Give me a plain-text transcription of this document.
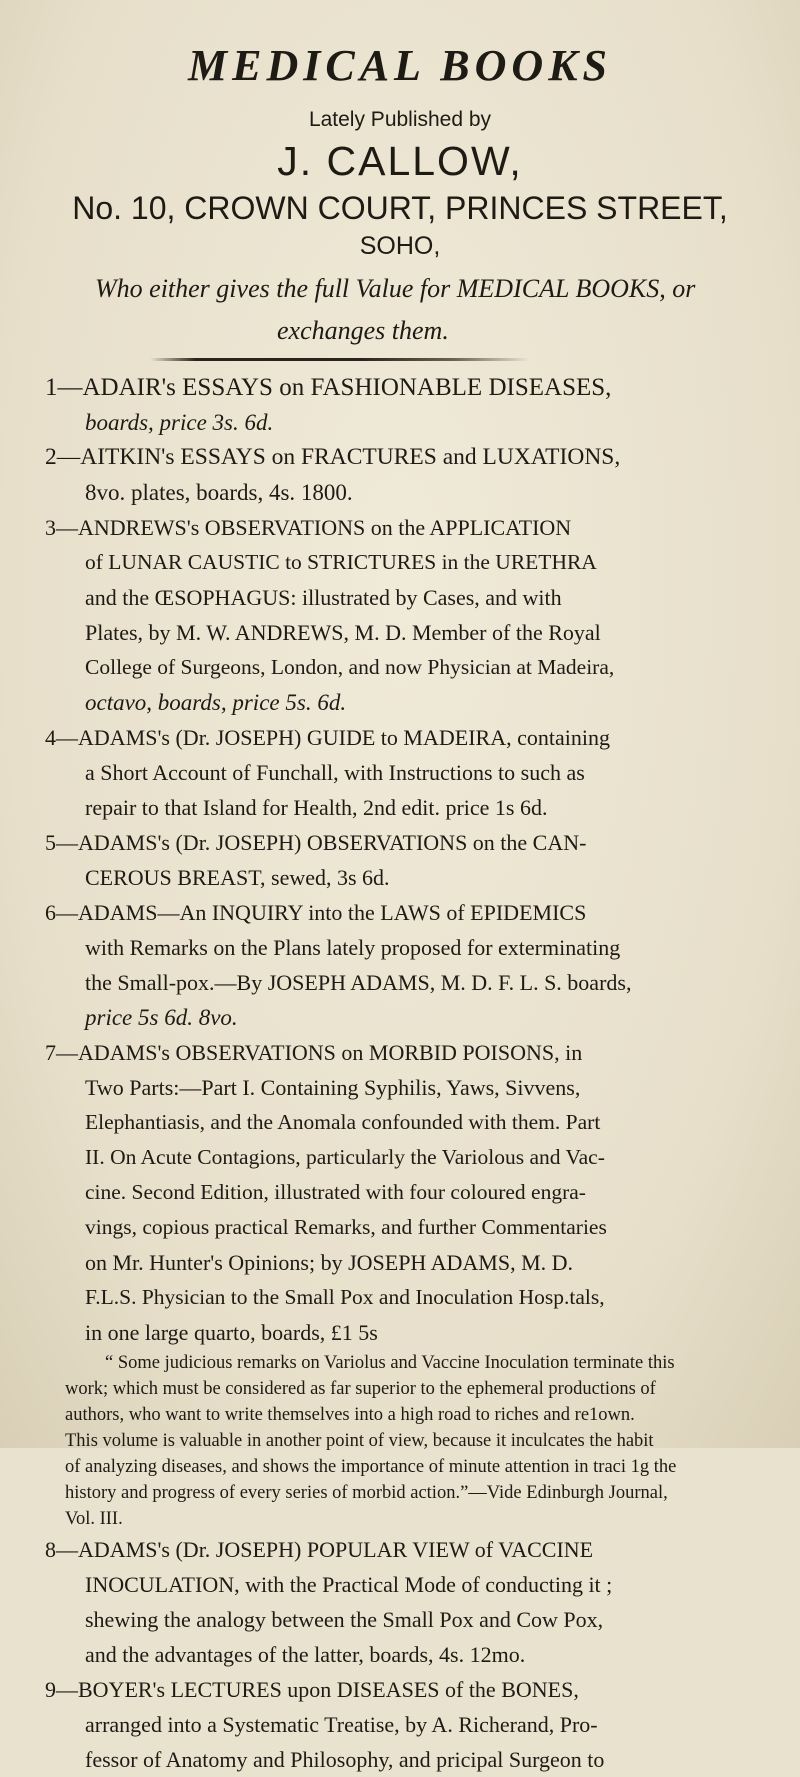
MEDICAL BOOKS
Lately Published by
J. CALLOW,
No. 10, CROWN COURT, PRINCES STREET,
SOHO,
Who either gives the full Value for MEDICAL BOOKS, or
exchanges them.
1—ADAIR's ESSAYS on FASHIONABLE DISEASES,
boards, price 3s. 6d.
2—AITKIN's ESSAYS on FRACTURES and LUXATIONS,
8vo. plates, boards, 4s. 1800.
3—ANDREWS's OBSERVATIONS on the APPLICATION
of LUNAR CAUSTIC to STRICTURES in the URETHRA
and the ŒSOPHAGUS: illustrated by Cases, and with
Plates, by M. W. ANDREWS, M. D. Member of the Royal
College of Surgeons, London, and now Physician at Madeira,
octavo, boards, price 5s. 6d.
4—ADAMS's (Dr. JOSEPH) GUIDE to MADEIRA, containing
a Short Account of Funchall, with Instructions to such as
repair to that Island for Health, 2nd edit. price 1s 6d.
5—ADAMS's (Dr. JOSEPH) OBSERVATIONS on the CAN-
CEROUS BREAST, sewed, 3s 6d.
6—ADAMS—An INQUIRY into the LAWS of EPIDEMICS
with Remarks on the Plans lately proposed for exterminating
the Small-pox.—By JOSEPH ADAMS, M. D. F. L. S. boards,
price 5s 6d. 8vo.
7—ADAMS's OBSERVATIONS on MORBID POISONS, in
Two Parts:—Part I. Containing Syphilis, Yaws, Sivvens,
Elephantiasis, and the Anomala confounded with them. Part
II. On Acute Contagions, particularly the Variolous and Vac-
cine. Second Edition, illustrated with four coloured engra-
vings, copious practical Remarks, and further Commentaries
on Mr. Hunter's Opinions; by JOSEPH ADAMS, M. D.
F.L.S. Physician to the Small Pox and Inoculation Hosp.tals,
in one large quarto, boards, £1 5s
“ Some judicious remarks on Variolus and Vaccine Inoculation terminate this
work; which must be considered as far superior to the ephemeral productions of
authors, who want to write themselves into a high road to riches and re1own.
This volume is valuable in another point of view, because it inculcates the habit
of analyzing diseases, and shows the importance of minute attention in traci 1g the
history and progress of every series of morbid action.”—Vide Edinburgh Journal,
Vol. III.
8—ADAMS's (Dr. JOSEPH) POPULAR VIEW of VACCINE
INOCULATION, with the Practical Mode of conducting it ;
shewing the analogy between the Small Pox and Cow Pox,
and the advantages of the latter, boards, 4s. 12mo.
9—BOYER's LECTURES upon DISEASES of the BONES,
arranged into a Systematic Treatise, by A. Richerand, Pro-
fessor of Anatomy and Philosophy, and pricipal Surgeon to
